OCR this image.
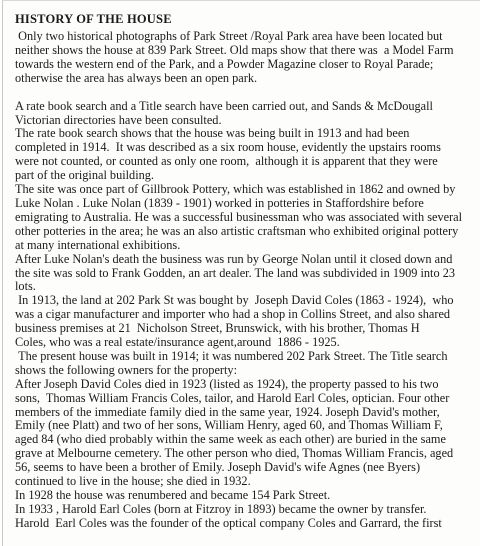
HISTORY OF THE HOUSE

Only two historical photographs of Park Street /Royal Park area have been located but
neither shows the house at 839 Park Street. Old maps show that there was  a Model Farm
towards the western end of the Park, and a Powder Magazine closer to Royal Parade;
otherwise the area has always been an open park.

A rate book search and a Title search have been carried out, and Sands & McDougall
Victorian directories have been consulted.

The rate book search shows that the house was being built in 1913 and had been
completed in 1914.  It was described as a six room house, evidently the upstairs rooms
were not counted, or counted as only one room,  although it is apparent that they were
part of the original building.

The site was once part of Gillbrook Pottery, which was established in 1862 and owned by
Luke Nolan . Luke Nolan (1839 - 1901) worked in potteries in Staffordshire before
emigrating to Australia. He was a successful businessman who was associated with several
other potteries in the area; he was an also artistic craftsman who exhibited original pottery
at many international exhibitions.

After Luke Nolan's death the business was run by George Nolan until it closed down and
the site was sold to Frank Godden, an art dealer. The land was subdivided in 1909 into 23
lots.

In 1913, the land at 202 Park St was bought by  Joseph David Coles (1863 - 1924),  who
was a cigar manufacturer and importer who had a shop in Collins Street, and also shared
business premises at 21  Nicholson Street, Brunswick, with his brother, Thomas H
Coles, who was a real estate/insurance agent,around  1886 - 1925.

The present house was built in 1914; it was numbered 202 Park Street. The Title search
shows the following owners for the property:

After Joseph David Coles died in 1923 (listed as 1924), the property passed to his two
sons,  Thomas William Francis Coles, tailor, and Harold Earl Coles, optician. Four other
members of the immediate family died in the same year, 1924. Joseph David's mother,
Emily (nee Platt) and two of her sons, William Henry, aged 60, and Thomas William F,
aged 84 (who died probably within the same week as each other) are buried in the same
grave at Melbourne cemetery. The other person who died, Thomas William Francis, aged
56, seems to have been a brother of Emily. Joseph David's wife Agnes (nee Byers)
continued to live in the house; she died in 1932.

In 1928 the house was renumbered and became 154 Park Street.

In 1933 , Harold Earl Coles (born at Fitzroy in 1893) became the owner by transfer.

Harold  Earl Coles was the founder of the optical company Coles and Garrard, the first
